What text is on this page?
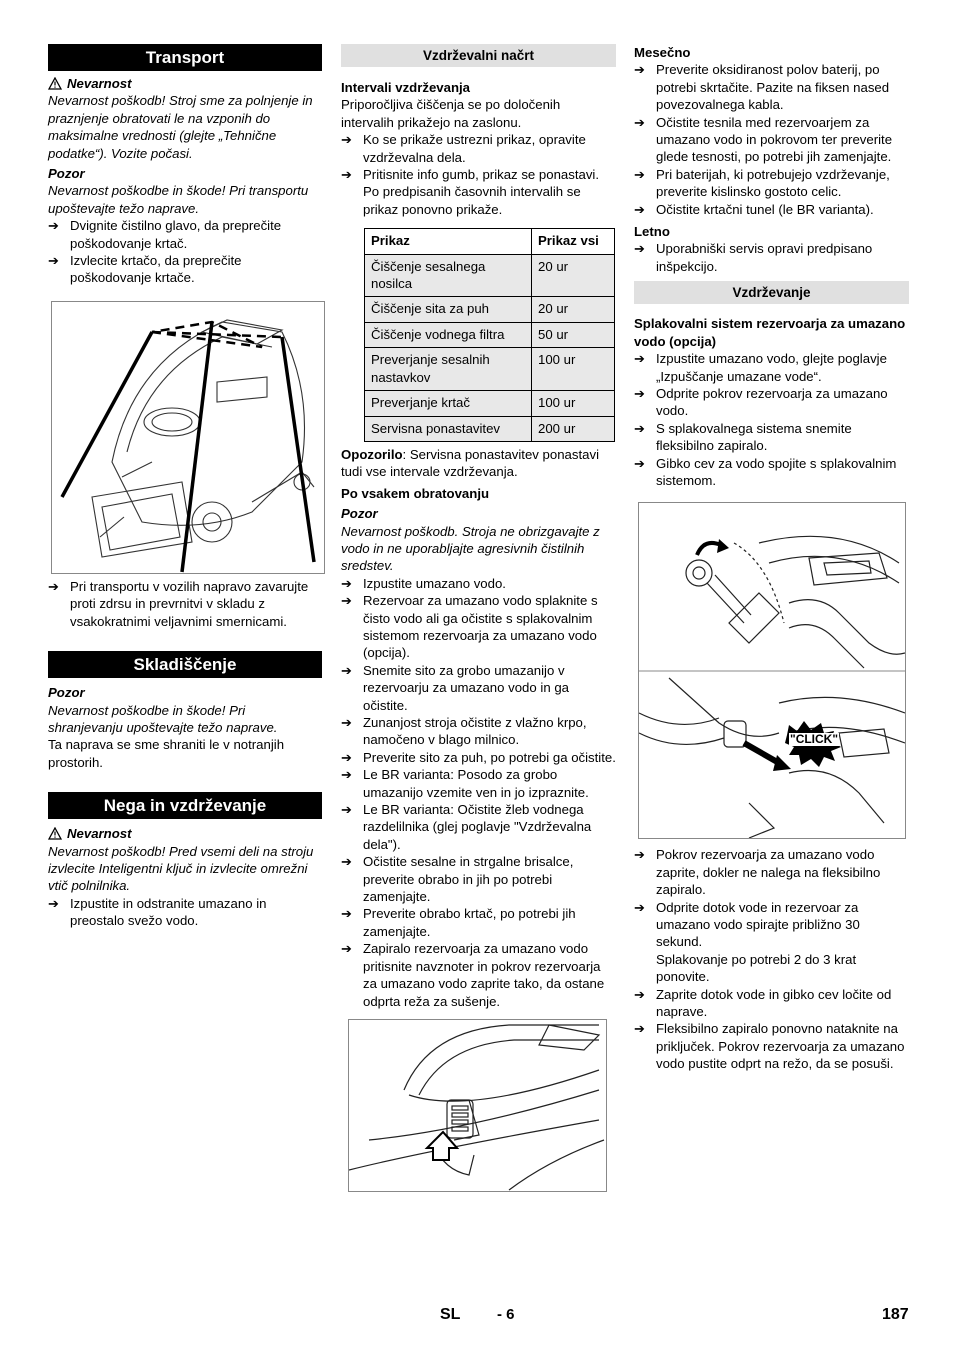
Transport
Nevarnost

Nevarnost poškodb! Stroj sme za polnjenje in praznjenje obratovati le na vzponih do maksimalne vrednosti (glejte „Tehnične podatke“). Vozite počasi.

Pozor

Nevarnost poškodbe in škode! Pri transportu upoštevajte težo naprave.

➔ Dvignite čistilno glavo, da preprečite poškodovanje krtač.
➔ Izvlecite krtačo, da preprečite poškodovanje krtače.
➔ Pri transportu v vozilih napravo zavarujte proti zdrsu in prevrnitvi v skladu z vsakokratnimi veljavnimi smernicami.
Skladiščenje

Pozor

Nevarnost poškodbe in škode! Pri shranjevanju upoštevajte težo naprave.

Ta naprava se sme shraniti le v notranjih prostorih.

Nega in vzdrževanje
Nevarnost

Nevarnost poškodb! Pred vsemi deli na stroju izvlecite Inteligentni ključ in izvlecite omrežni vtič polnilnika.

➔ Izpustite in odstranite umazano in preostalo svežo vodo.
Vzdrževalni načrt

Intervali vzdrževanja

Priporočljiva čiščenja se po določenih intervalih prikažejo na zaslonu.

➔ Ko se prikaže ustrezni prikaz, opravite vzdrževalna dela.
➔ Pritisnite info gumb, prikaz se ponastavi. Po predpisanih časovnih intervalih se prikaz ponovno prikaže.
Prikaz	Prikaz vsi
Čiščenje sesalnega nosilca	20 ur
Čiščenje sita za puh	20 ur
Čiščenje vodnega filtra	50 ur
Preverjanje sesalnih nastavkov	100 ur
Preverjanje krtač	100 ur
Servisna ponastavitev	200 ur

Opozorilo: Servisna ponastavitev ponastavi tudi vse intervale vzdrževanja.

Po vsakem obratovanju

Pozor

Nevarnost poškodb. Stroja ne obrizgavajte z vodo in ne uporabljajte agresivnih čistilnih sredstev.

➔ Izpustite umazano vodo.
➔ Rezervoar za umazano vodo splaknite s čisto vodo ali ga očistite s splakovalnim sistemom rezervoarja za umazano vodo (opcija).
➔ Snemite sito za grobo umazanijo v rezervoarju za umazano vodo in ga očistite.
➔ Zunanjost stroja očistite z vlažno krpo, namočeno v blago milnico.
➔ Preverite sito za puh, po potrebi ga očistite.
➔ Le BR varianta: Posodo za grobo umazanijo vzemite ven in jo izpraznite.
➔ Le BR varianta: Očistite žleb vodnega razdelilnika (glej poglavje "Vzdrževalna dela").
➔ Očistite sesalne in strgalne brisalce, preverite obrabo in jih po potrebi zamenjajte.
➔ Preverite obrabo krtač, po potrebi jih zamenjajte.
➔ Zapiralo rezervoarja za umazano vodo pritisnite navznoter in pokrov rezervoarja za umazano vodo zaprite tako, da ostane odprta reža za sušenje.

Mesečno

➔ Preverite oksidiranost polov baterij, po potrebi skrtačite. Pazite na fiksen nased povezovalnega kabla.
➔ Očistite tesnila med rezervoarjem za umazano vodo in pokrovom ter preverite glede tesnosti, po potrebi jih zamenjajte.
➔ Pri baterijah, ki potrebujejo vzdrževanje, preverite kislinsko gostoto celic.
➔ Očistite krtačni tunel (le BR varianta).

Letno

➔ Uporabniški servis opravi predpisano inšpekcijo.
Vzdrževanje

Splakovalni sistem rezervoarja za umazano vodo (opcija)

➔ Izpustite umazano vodo, glejte poglavje „Izpuščanje umazane vode“.
➔ Odprite pokrov rezervoarja za umazano vodo.
➔ S splakovalnega sistema snemite fleksibilno zapiralo.
➔ Gibko cev za vodo spojite s splakovalnim sistemom.
"CLICK"
➔ Pokrov rezervoarja za umazano vodo zaprite, dokler ne nalega na fleksibilno zapiralo.
➔ Odprite dotok vode in rezervoar za umazano vodo spirajte približno 30 sekund.

Splakovanje po potrebi 2 do 3 krat ponovite.

➔ Zaprite dotok vode in gibko cev ločite od naprave.
➔ Fleksibilno zapiralo ponovno nataknite na priključek. Pokrov rezervoarja za umazano vodo pustite odprt na režo, da se posuši.
SL - 6	187
